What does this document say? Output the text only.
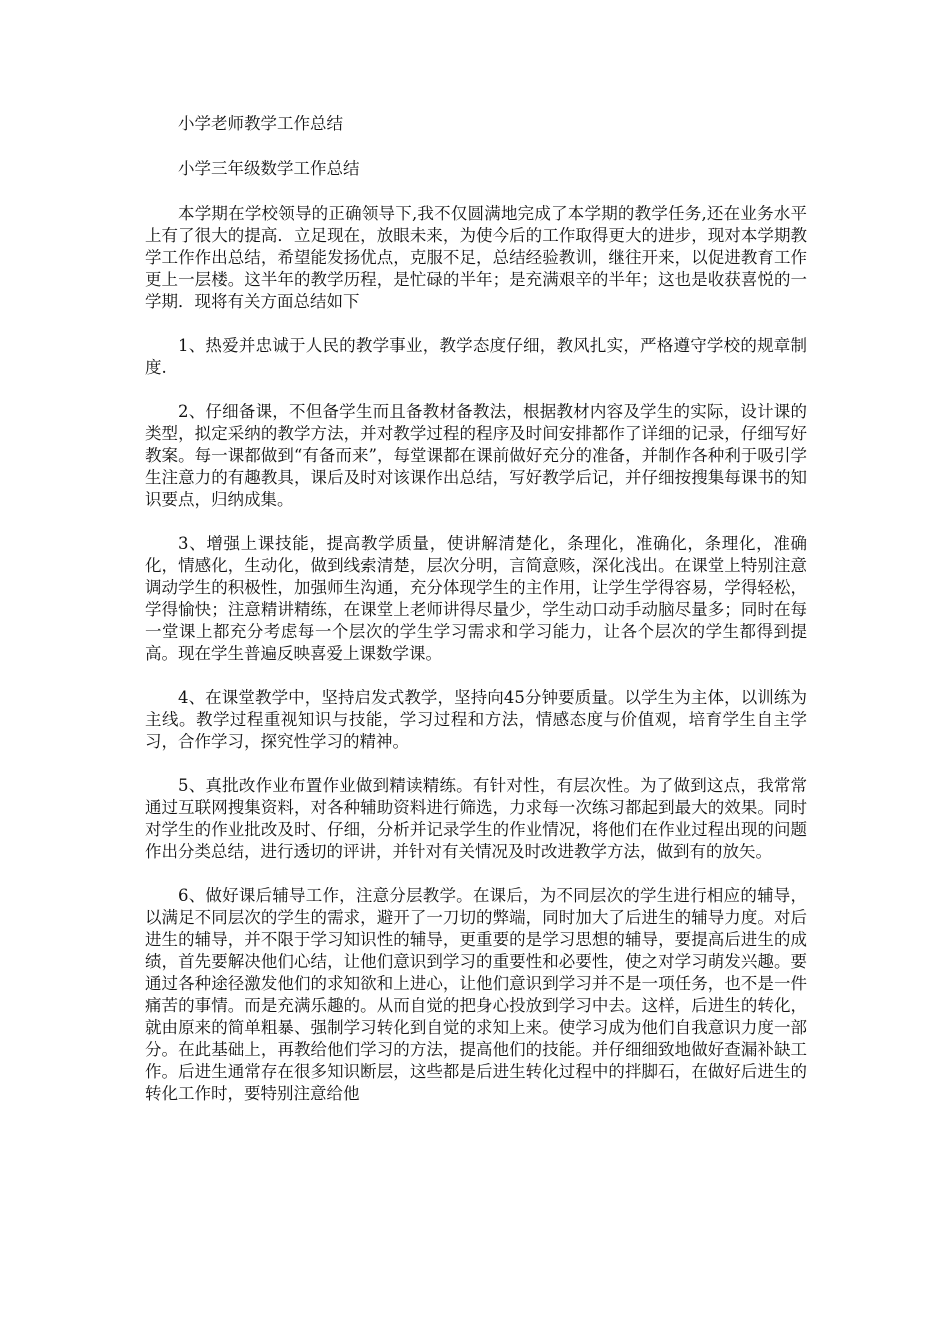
小学老师教学工作总结

小学三年级数学工作总结

本学期在学校领导的正确领导下,我不仅圆满地完成了本学期的教学任务,还在业务水平上有了很大的提高．立足现在，放眼未来，为使今后的工作取得更大的进步，现对本学期教学工作作出总结，希望能发扬优点，克服不足，总结经验教训，继往开来，以促进教育工作更上一层楼。这半年的教学历程，是忙碌的半年；是充满艰辛的半年；这也是收获喜悦的一学期．现将有关方面总结如下

1、热爱并忠诚于人民的教学事业，教学态度仔细，教风扎实，严格遵守学校的规章制度.

2、仔细备课，不但备学生而且备教材备教法，根据教材内容及学生的实际，设计课的类型，拟定采纳的教学方法，并对教学过程的程序及时间安排都作了详细的记录，仔细写好教案。每一课都做到“有备而来”，每堂课都在课前做好充分的准备，并制作各种利于吸引学生注意力的有趣教具，课后及时对该课作出总结，写好教学后记，并仔细按搜集每课书的知识要点，归纳成集。

3、增强上课技能，提高教学质量，使讲解清楚化，条理化，准确化，条理化，准确化，情感化，生动化，做到线索清楚，层次分明，言简意赅，深化浅出。在课堂上特别注意调动学生的积极性，加强师生沟通，充分体现学生的主作用，让学生学得容易，学得轻松，学得愉快；注意精讲精练，在课堂上老师讲得尽量少，学生动口动手动脑尽量多；同时在每一堂课上都充分考虑每一个层次的学生学习需求和学习能力，让各个层次的学生都得到提高。现在学生普遍反映喜爱上课数学课。

4、在课堂教学中，坚持启发式教学，坚持向45分钟要质量。以学生为主体，以训练为主线。教学过程重视知识与技能，学习过程和方法，情感态度与价值观，培育学生自主学习，合作学习，探究性学习的精神。

5、真批改作业布置作业做到精读精练。有针对性，有层次性。为了做到这点，我常常通过互联网搜集资料，对各种辅助资料进行筛选，力求每一次练习都起到最大的效果。同时对学生的作业批改及时、仔细，分析并记录学生的作业情况，将他们在作业过程出现的问题作出分类总结，进行透切的评讲，并针对有关情况及时改进教学方法，做到有的放矢。

6、做好课后辅导工作，注意分层教学。在课后，为不同层次的学生进行相应的辅导，以满足不同层次的学生的需求，避开了一刀切的弊端，同时加大了后进生的辅导力度。对后进生的辅导，并不限于学习知识性的辅导，更重要的是学习思想的辅导，要提高后进生的成绩，首先要解决他们心结，让他们意识到学习的重要性和必要性，使之对学习萌发兴趣。要通过各种途径激发他们的求知欲和上进心，让他们意识到学习并不是一项任务，也不是一件痛苦的事情。而是充满乐趣的。从而自觉的把身心投放到学习中去。这样，后进生的转化，就由原来的简单粗暴、强制学习转化到自觉的求知上来。使学习成为他们自我意识力度一部分。在此基础上，再教给他们学习的方法，提高他们的技能。并仔细细致地做好查漏补缺工作。后进生通常存在很多知识断层，这些都是后进生转化过程中的拌脚石，在做好后进生的转化工作时，要特别注意给他
